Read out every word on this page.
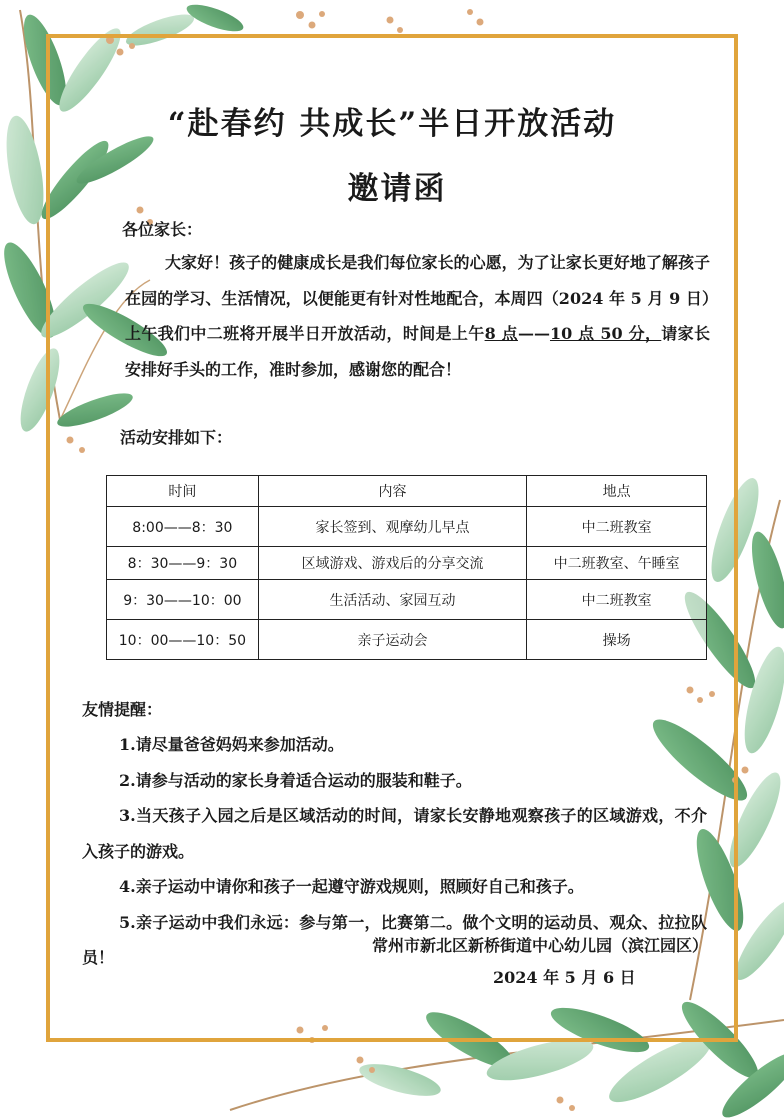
“赴春约 共成长”半日开放活动
邀请函

各位家长：

大家好！孩子的健康成长是我们每位家长的心愿，为了让家长更好地了解孩子在园的学习、生活情况，以便能更有针对性地配合，本周四（2024 年 5 月 9 日）上午我们中二班将开展半日开放活动，时间是上午8 点——10 点 50 分，请家长安排好手头的工作，准时参加，感谢您的配合！

活动安排如下：

时间	内容	地点
8:00——8：30	家长签到、观摩幼儿早点	中二班教室
8：30——9：30	区域游戏、游戏后的分享交流	中二班教室、午睡室
9：30——10：00	生活活动、家园互动	中二班教室
10：00——10：50	亲子运动会	操场

友情提醒：

1.请尽量爸爸妈妈来参加活动。
2.请参与活动的家长身着适合运动的服装和鞋子。
3.当天孩子入园之后是区域活动的时间，请家长安静地观察孩子的区域游戏，不介入孩子的游戏。
4.亲子运动中请你和孩子一起遵守游戏规则，照顾好自己和孩子。
5.亲子运动中我们永远：参与第一，比赛第二。做个文明的运动员、观众、拉拉队员！

常州市新北区新桥街道中心幼儿园（滨江园区）

2024 年 5 月 6 日
